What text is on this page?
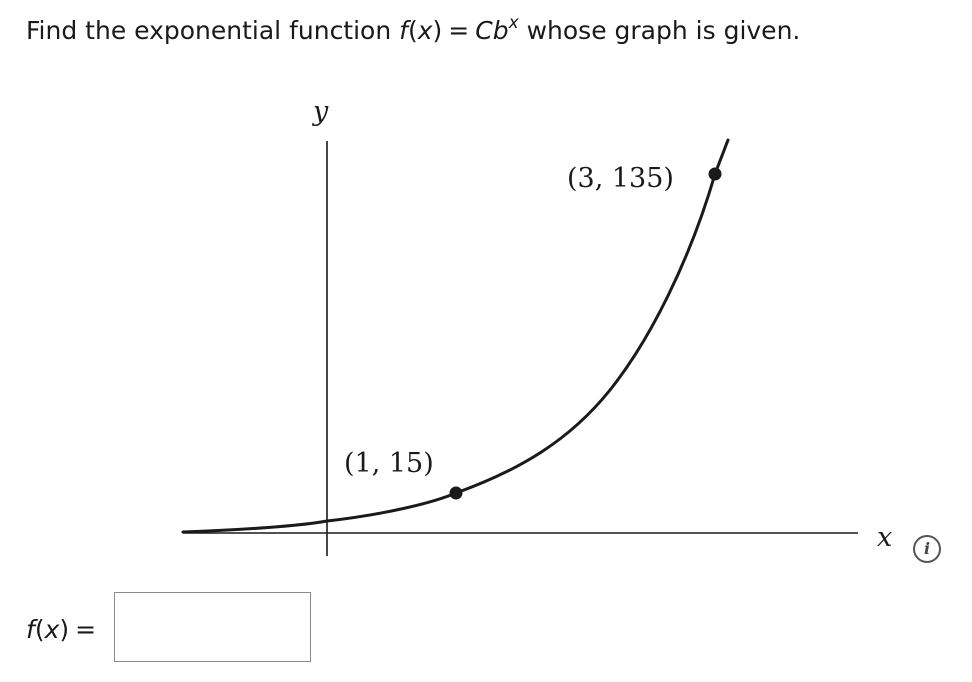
Find the exponential function $f(x) = Cb^x$ whose graph is given.
y
x
(1, 15)
(3, 135)
i
f(x) =
